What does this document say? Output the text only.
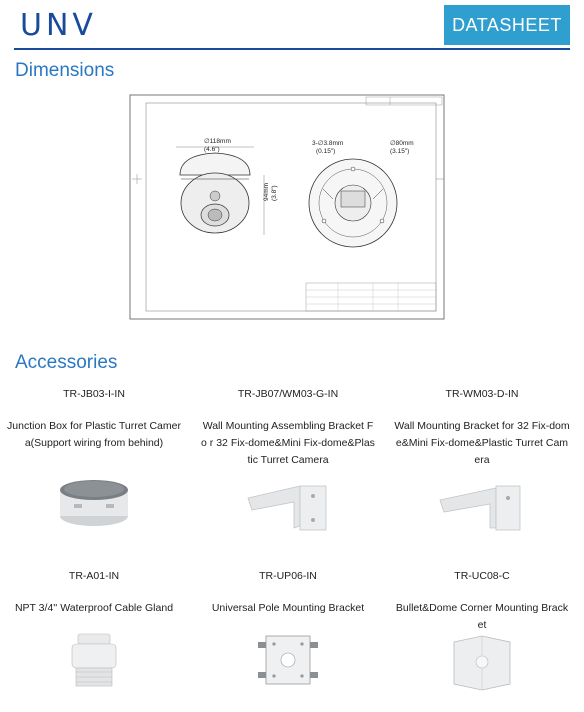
UNV	DATASHEET
Dimensions
∅118mm
(4.6")
94mm (3.8")
3-∅3.8mm
(0.15")
∅80mm
(3.15")
Accessories
TR-JB03-I-IN
Junction Box for Plastic Turret Camer a(Support wiring from behind)
TR-JB07/WM03-G-IN
Wall Mounting Assembling Bracket Fo r 32 Fix-dome&Mini Fix-dome&Plastic Turret Camera
TR-WM03-D-IN
Wall Mounting Bracket for 32 Fix-dome&Mini Fix-dome&Plastic Turret Camera
TR-A01-IN
NPT 3/4'' Waterproof Cable Gland
TR-UP06-IN
Universal Pole Mounting Bracket
TR-UC08-C
Bullet&Dome Corner Mounting Brack et
